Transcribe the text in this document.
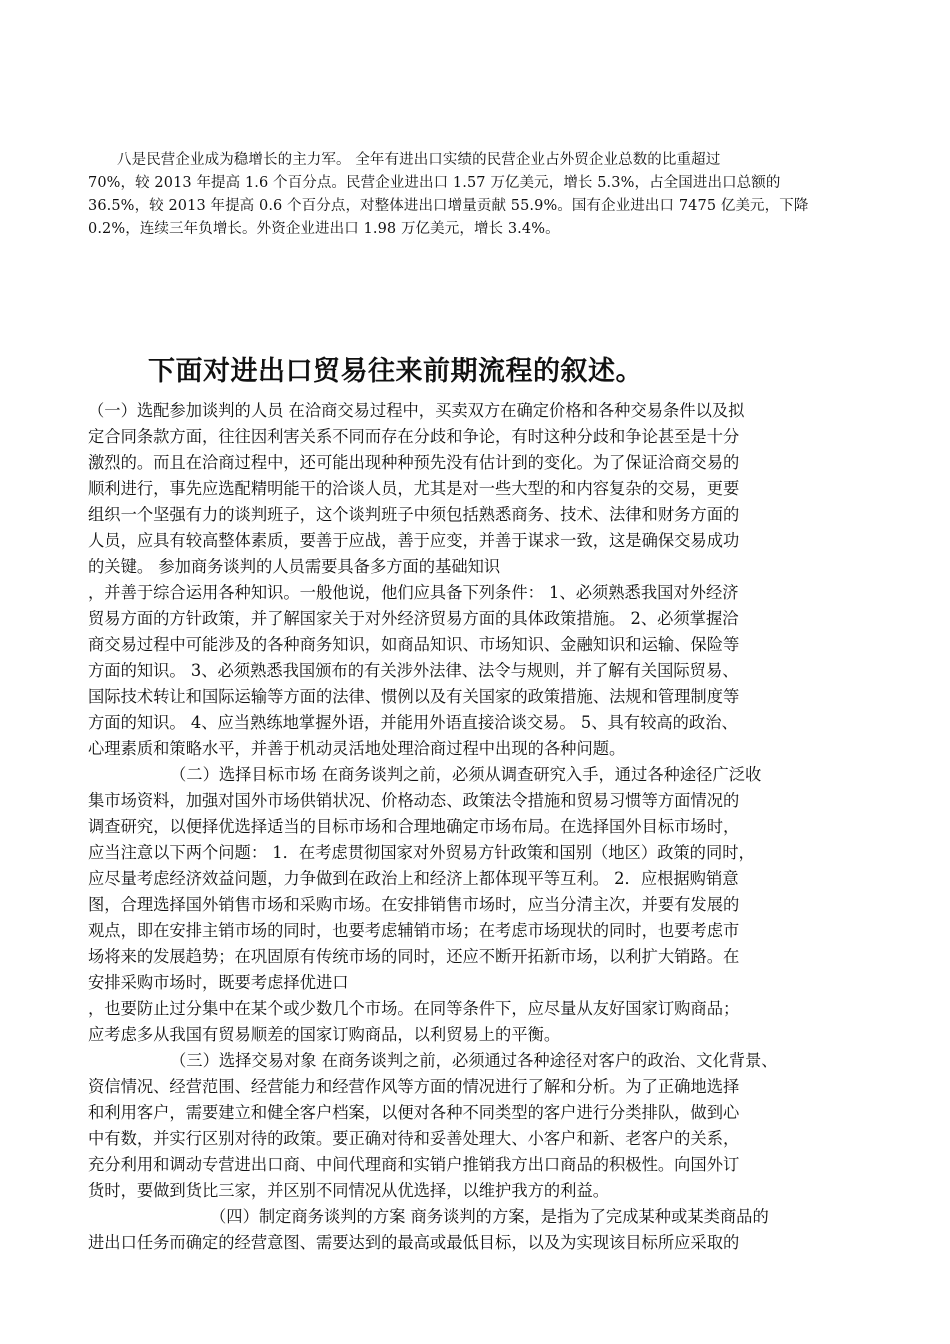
八是民营企业成为稳增长的主力军。 全年有进出口实绩的民营企业占外贸企业总数的比重超过
70%，较 2013 年提高 1.6 个百分点。民营企业进出口 1.57 万亿美元，增长 5.3%，占全国进出口总额的
36.5%，较 2013 年提高 0.6 个百分点，对整体进出口增量贡献 55.9%。国有企业进出口 7475 亿美元，下降
0.2%，连续三年负增长。外资企业进出口 1.98 万亿美元，增长 3.4%。
下面对进出口贸易往来前期流程的叙述。
（一）选配参加谈判的人员 在洽商交易过程中，买卖双方在确定价格和各种交易条件以及拟
定合同条款方面，往往因利害关系不同而存在分歧和争论，有时这种分歧和争论甚至是十分
激烈的。而且在洽商过程中，还可能出现种种预先没有估计到的变化。为了保证洽商交易的
顺利进行，事先应选配精明能干的洽谈人员，尤其是对一些大型的和内容复杂的交易，更要
组织一个坚强有力的谈判班子，这个谈判班子中须包括熟悉商务、技术、法律和财务方面的
人员，应具有较高整体素质，要善于应战，善于应变，并善于谋求一致，这是确保交易成功
的关键。 参加商务谈判的人员需要具备多方面的基础知识
，并善于综合运用各种知识。一般他说，他们应具备下列条件： 1、必须熟悉我国对外经济
贸易方面的方针政策，并了解国家关于对外经济贸易方面的具体政策措施。 2、必须掌握洽
商交易过程中可能涉及的各种商务知识，如商品知识、市场知识、金融知识和运输、保险等
方面的知识。 3、必须熟悉我国颁布的有关涉外法律、法令与规则，并了解有关国际贸易、
国际技术转让和国际运输等方面的法律、惯例以及有关国家的政策措施、法规和管理制度等
方面的知识。 4、应当熟练地掌握外语，并能用外语直接洽谈交易。 5、具有较高的政治、
心理素质和策略水平，并善于机动灵活地处理洽商过程中出现的各种问题。
（二）选择目标市场 在商务谈判之前，必须从调查研究入手，通过各种途径广泛收
集市场资料，加强对国外市场供销状况、价格动态、政策法令措施和贸易习惯等方面情况的
调查研究，以便择优选择适当的目标市场和合理地确定市场布局。在选择国外目标市场时，
应当注意以下两个问题： 1．在考虑贯彻国家对外贸易方针政策和国别（地区）政策的同时，
应尽量考虑经济效益问题，力争做到在政治上和经济上都体现平等互利。 2．应根据购销意
图，合理选择国外销售市场和采购市场。在安排销售市场时，应当分清主次，并要有发展的
观点，即在安排主销市场的同时，也要考虑辅销市场；在考虑市场现状的同时，也要考虑市
场将来的发展趋势；在巩固原有传统市场的同时，还应不断开拓新市场，以利扩大销路。在
安排采购市场时，既要考虑择优进口
，也要防止过分集中在某个或少数几个市场。在同等条件下，应尽量从友好国家订购商品；
应考虑多从我国有贸易顺差的国家订购商品，以利贸易上的平衡。
（三）选择交易对象 在商务谈判之前，必须通过各种途径对客户的政治、文化背景、
资信情况、经营范围、经营能力和经营作风等方面的情况进行了解和分析。为了正确地选择
和利用客户，需要建立和健全客户档案，以便对各种不同类型的客户进行分类排队，做到心
中有数，并实行区别对待的政策。要正确对待和妥善处理大、小客户和新、老客户的关系，
充分利用和调动专营进出口商、中间代理商和实销户推销我方出口商品的积极性。向国外订
货时，要做到货比三家，并区别不同情况从优选择，以维护我方的利益。
（四）制定商务谈判的方案 商务谈判的方案，是指为了完成某种或某类商品的
进出口任务而确定的经营意图、需要达到的最高或最低目标，以及为实现该目标所应采取的
